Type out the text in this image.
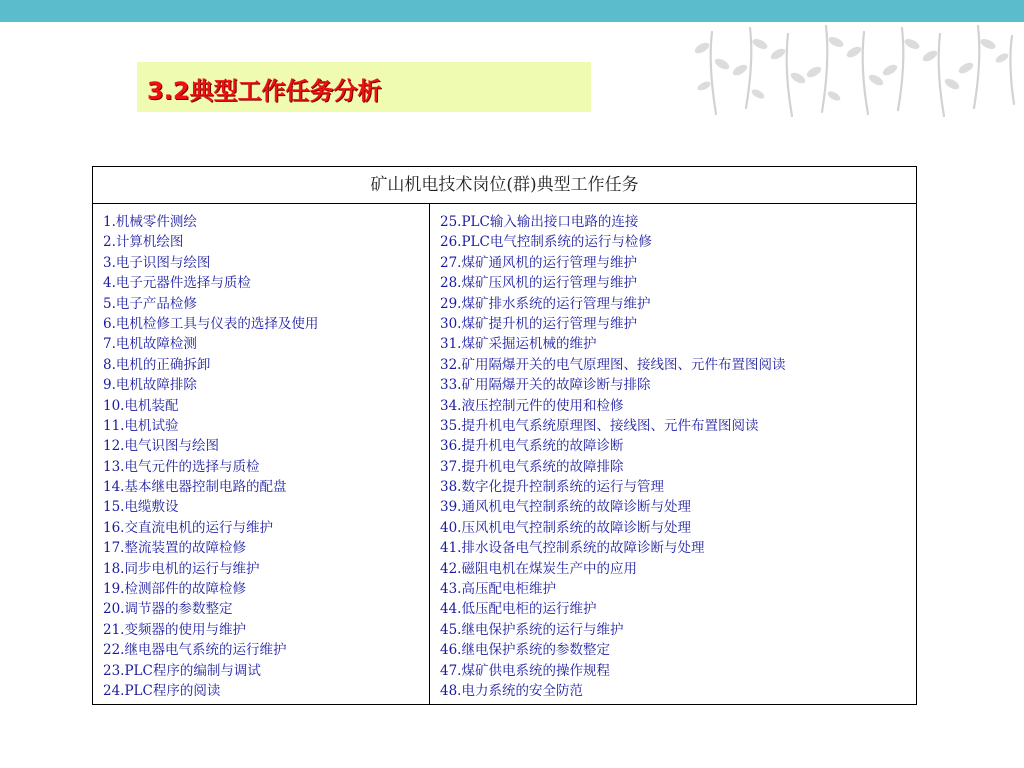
3.2典型工作任务分析
矿山机电技术岗位(群)典型工作任务
1.机械零件测绘
2.计算机绘图
3.电子识图与绘图
4.电子元器件选择与质检
5.电子产品检修
6.电机检修工具与仪表的选择及使用
7.电机故障检测
8.电机的正确拆卸
9.电机故障排除
10.电机装配
11.电机试验
12.电气识图与绘图
13.电气元件的选择与质检
14.基本继电器控制电路的配盘
15.电缆敷设
16.交直流电机的运行与维护
17.整流装置的故障检修
18.同步电机的运行与维护
19.检测部件的故障检修
20.调节器的参数整定
21.变频器的使用与维护
22.继电器电气系统的运行维护
23.PLC程序的编制与调试
24.PLC程序的阅读
25.PLC输入输出接口电路的连接
26.PLC电气控制系统的运行与检修
27.煤矿通风机的运行管理与维护
28.煤矿压风机的运行管理与维护
29.煤矿排水系统的运行管理与维护
30.煤矿提升机的运行管理与维护
31.煤矿采掘运机械的维护
32.矿用隔爆开关的电气原理图、接线图、元件布置图阅读
33.矿用隔爆开关的故障诊断与排除
34.液压控制元件的使用和检修
35.提升机电气系统原理图、接线图、元件布置图阅读
36.提升机电气系统的故障诊断
37.提升机电气系统的故障排除
38.数字化提升控制系统的运行与管理
39.通风机电气控制系统的故障诊断与处理
40.压风机电气控制系统的故障诊断与处理
41.排水设备电气控制系统的故障诊断与处理
42.磁阻电机在煤炭生产中的应用
43.高压配电柜维护
44.低压配电柜的运行维护
45.继电保护系统的运行与维护
46.继电保护系统的参数整定
47.煤矿供电系统的操作规程
48.电力系统的安全防范
